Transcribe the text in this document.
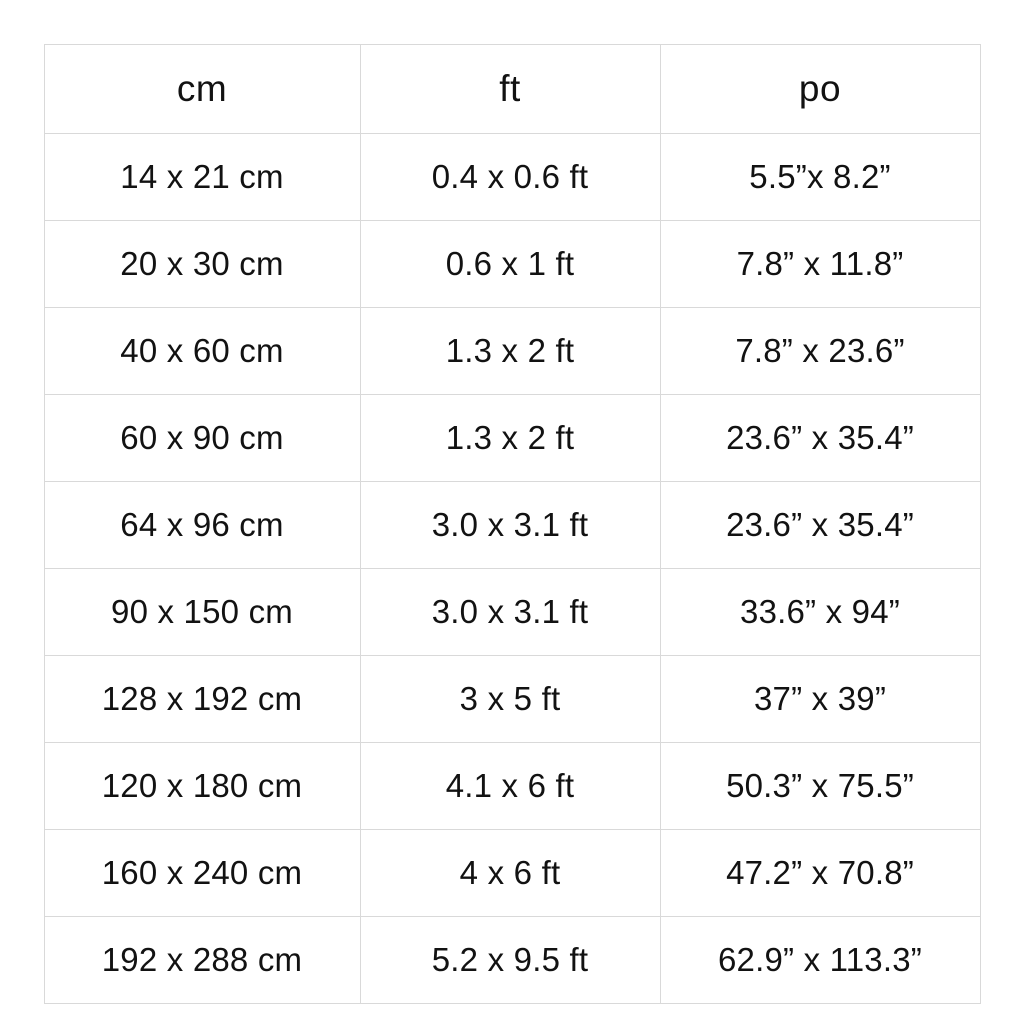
cm	ft	po
14 x 21 cm	0.4 x 0.6 ft	5.5”x 8.2”
20 x 30 cm	0.6 x 1 ft	7.8” x 11.8”
40 x 60 cm	1.3 x 2 ft	7.8” x 23.6”
60 x 90 cm	1.3 x 2 ft	23.6” x 35.4”
64 x 96 cm	3.0 x 3.1 ft	23.6” x 35.4”
90 x 150 cm	3.0 x 3.1 ft	33.6” x 94”
128 x 192 cm	3 x 5 ft	37” x 39”
120 x 180 cm	4.1 x 6 ft	50.3” x 75.5”
160 x 240 cm	4 x 6 ft	47.2” x 70.8”
192 x 288 cm	5.2 x 9.5 ft	62.9” x 113.3”
